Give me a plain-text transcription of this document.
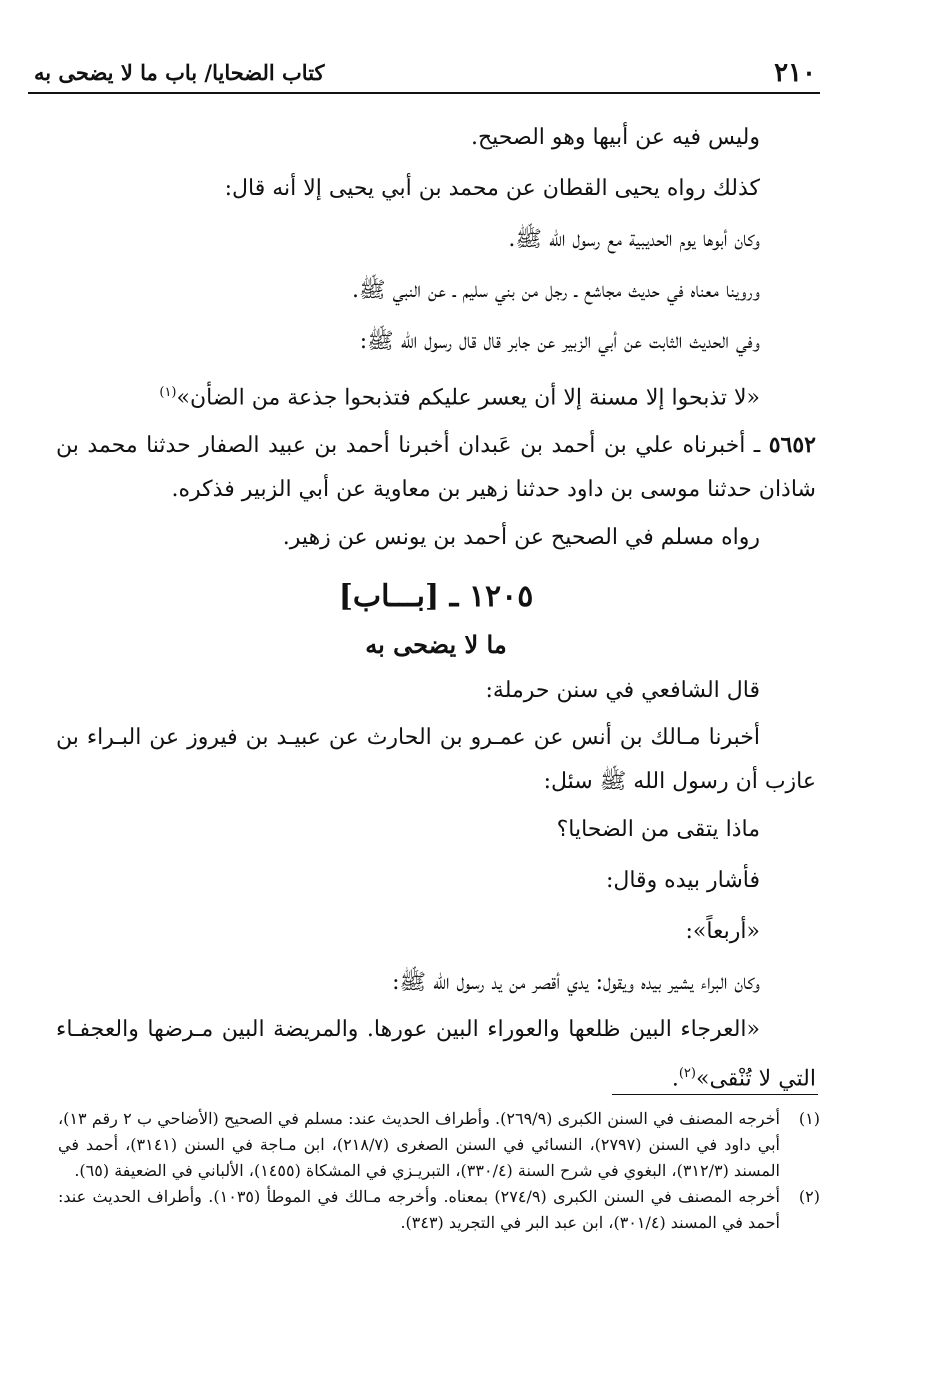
٢١٠
كتاب الضحايا/ باب ما لا يضحى به

وليس فيه عن أبيها وهو الصحيح.

كذلك رواه يحيى القطان عن محمد بن أبي يحيى إلا أنه قال:

وكان أبوها يوم الحديبية مع رسول الله ﷺ.

وروينا معناه في حديث مجاشع ـ رجل من بني سليم ـ عن النبي ﷺ.

وفي الحديث الثابت عن أبي الزبير عن جابر قال قال رسول الله ﷺ:

«لا تذبحوا إلا مسنة إلا أن يعسر عليكم فتذبحوا جذعة من الضأن»$^{(١)}$

٥٦٥٢ ـ أخبرناه علي بن أحمد بن عَبدان أخبرنا أحمد بن عبيد الصفار حدثنا محمد بن شاذان حدثنا موسى بن داود حدثنا زهير بن معاوية عن أبي الزبير فذكره.

رواه مسلم في الصحيح عن أحمد بن يونس عن زهير.

١٢٠٥ ـ [بـــاب]
ما لا يضحى به

قال الشافعي في سنن حرملة:

أخبرنا مـالك بن أنس عن عمـرو بن الحارث عن عبيـد بن فيروز عن البـراء بن عازب أن رسول الله ﷺ سئل:

ماذا يتقى من الضحايا؟

فأشار بيده وقال:

«أربعاً»:

وكان البراء يشير بيده ويقول: يدي أقصر من يد رسول الله ﷺ:

«العرجاء البين ظلعها والعوراء البين عورها. والمريضة البين مـرضها والعجفـاء التي لا تُنْقى»$^{(٢)}$.

(١)
أخرجه المصنف في السنن الكبرى (٢٦٩/٩). وأطراف الحديث عند: مسلم في الصحيح (الأضاحي ب ٢ رقم ١٣)، أبي داود في السنن (٢٧٩٧)، النسائي في السنن الصغرى (٢١٨/٧)، ابن مـاجة في السنن (٣١٤١)، أحمد في المسند (٣١٢/٣)، البغوي في شرح السنة (٣٣٠/٤)، التبريـزي في المشكاة (١٤٥٥)، الألباني في الضعيفة (٦٥).
(٢)
أخرجه المصنف في السنن الكبرى (٢٧٤/٩) بمعناه. وأخرجه مـالك في الموطأ (١٠٣٥). وأطراف الحديث عند: أحمد في المسند (٣٠١/٤)، ابن عبد البر في التجريد (٣٤٣).
